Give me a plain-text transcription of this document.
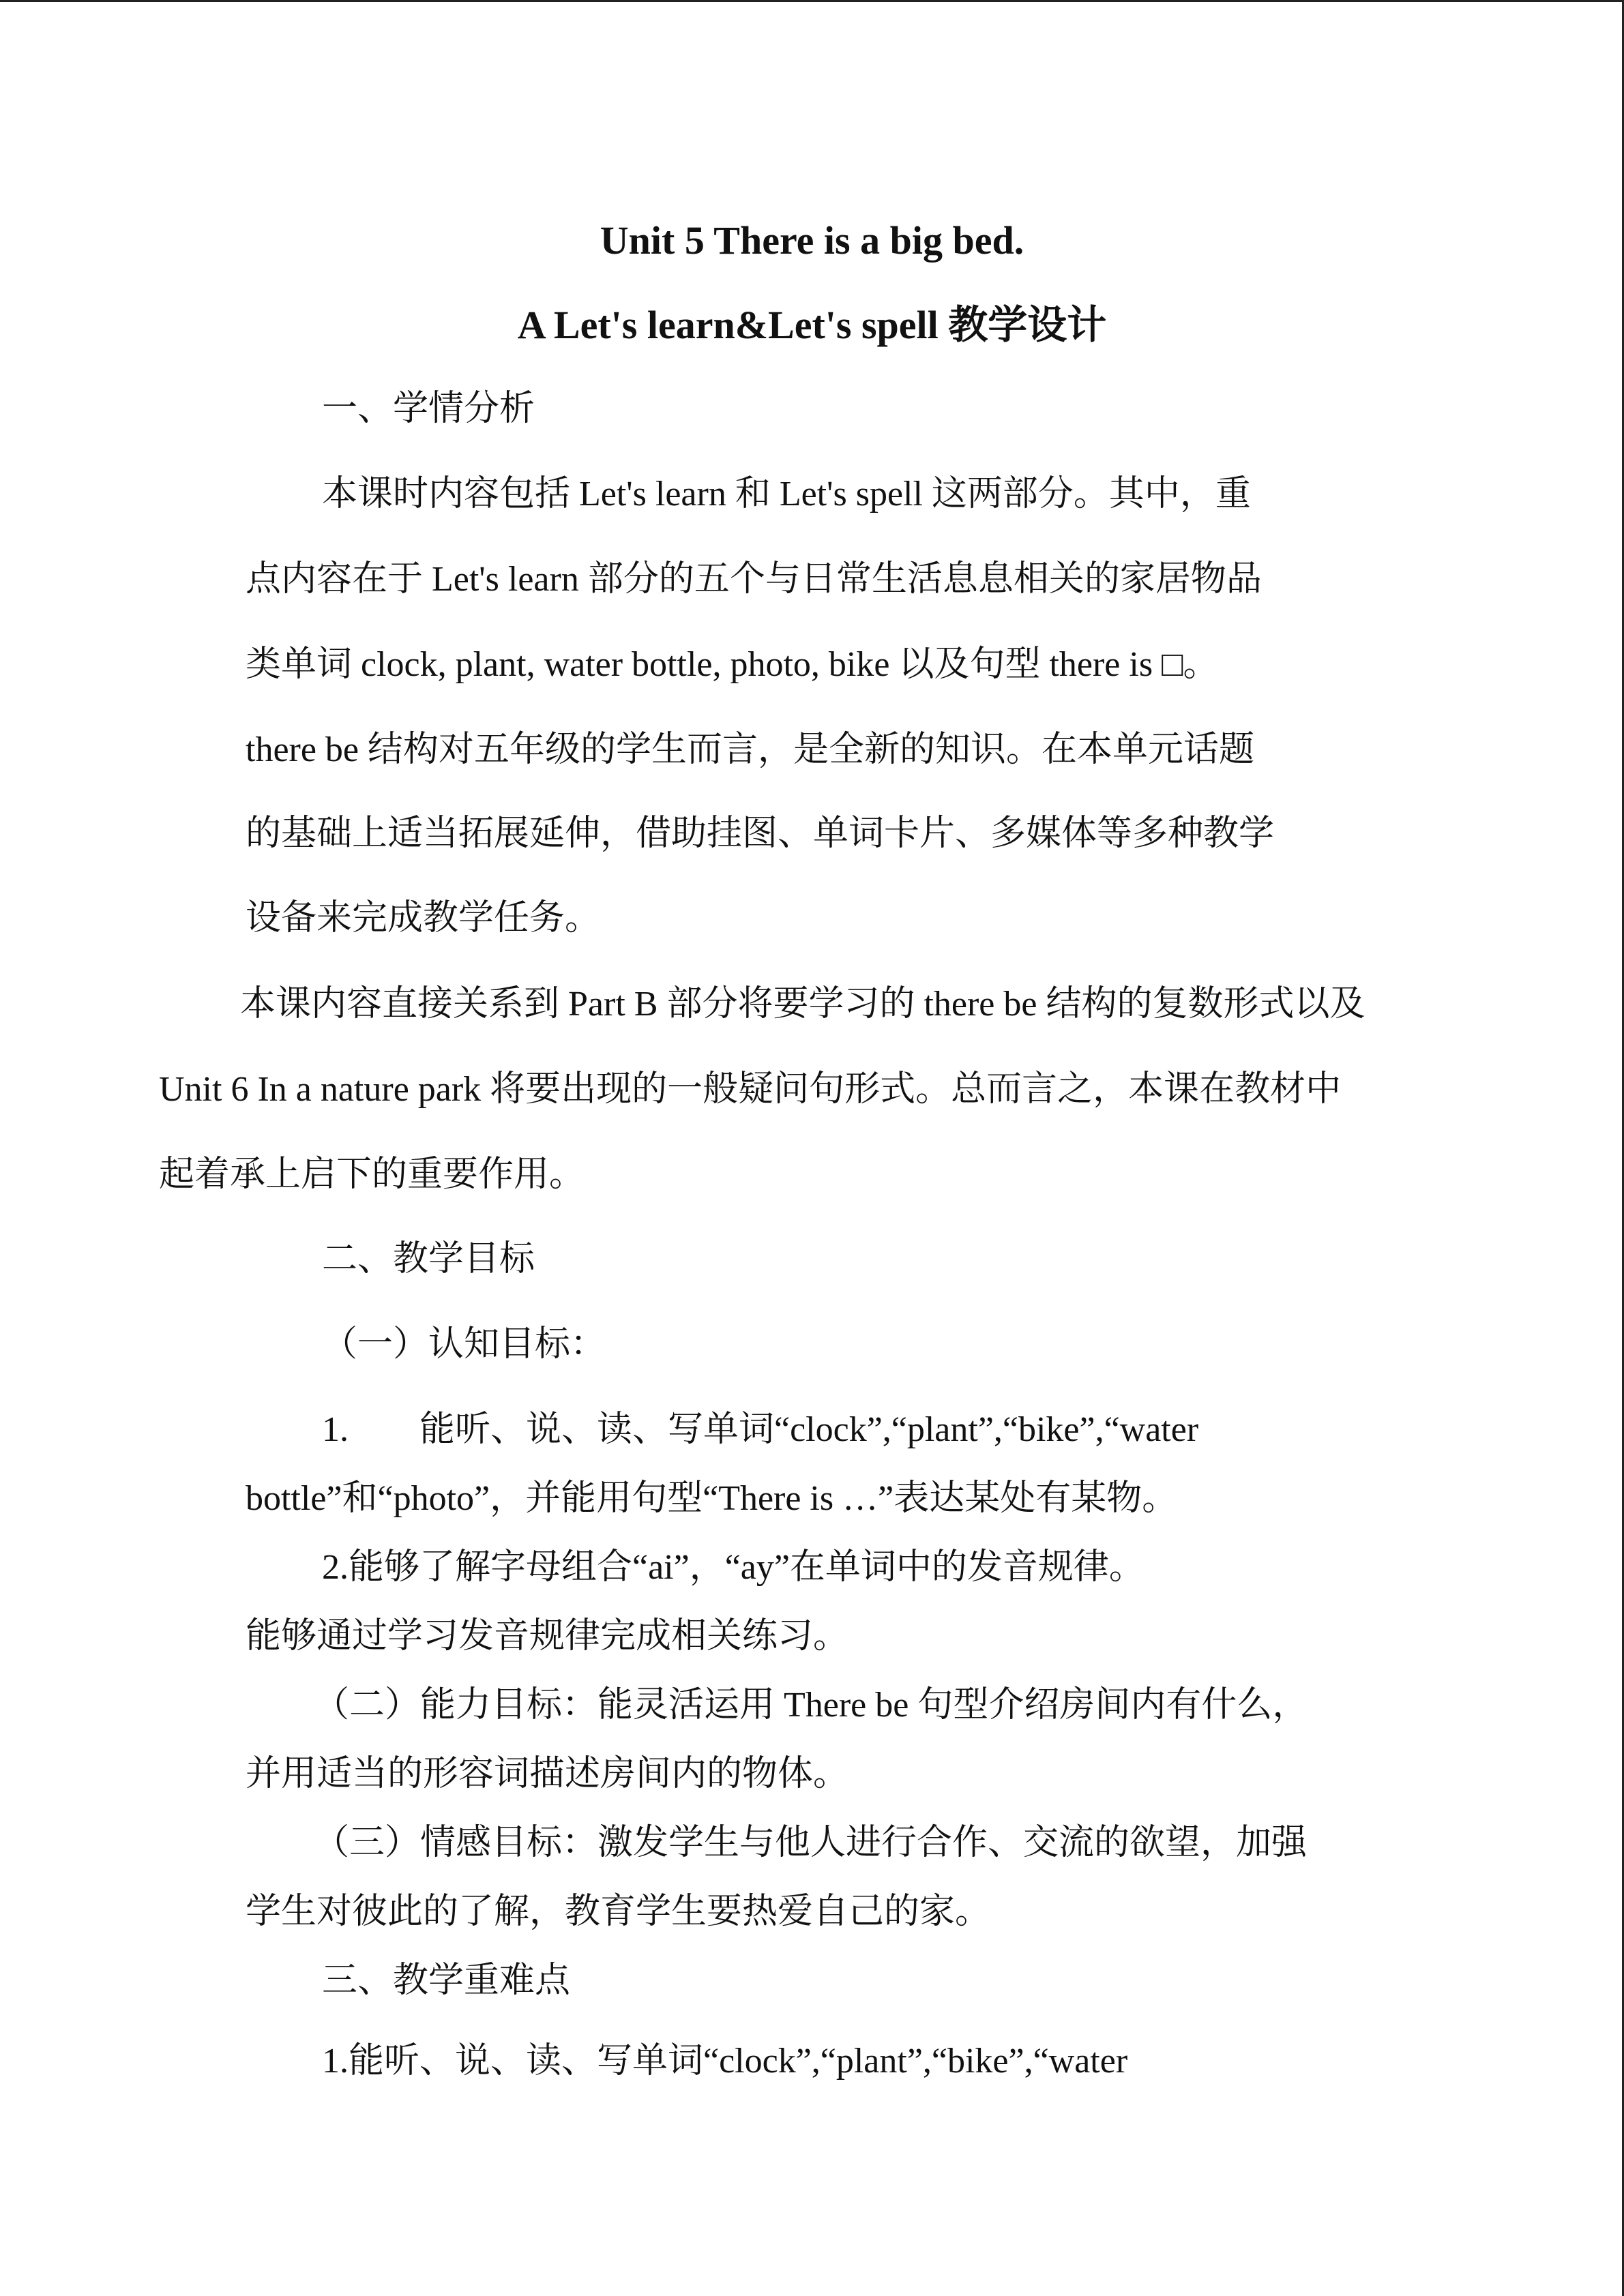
Unit 5 There is a big bed.
A Let's learn&Let's spell 教学设计
一、学情分析
本课时内容包括 Let's learn 和 Let's spell 这两部分。其中，重
点内容在于 Let's learn 部分的五个与日常生活息息相关的家居物品
类单词 clock, plant, water bottle, photo, bike 以及句型 there is □。
there be 结构对五年级的学生而言，是全新的知识。在本单元话题
的基础上适当拓展延伸，借助挂图、单词卡片、多媒体等多种教学
设备来完成教学任务。
本课内容直接关系到 Part B 部分将要学习的 there be 结构的复数形式以及
Unit 6 In a nature park 将要出现的一般疑问句形式。总而言之，本课在教材中
起着承上启下的重要作用。
二、教学目标
（一）认知目标：
1.　　能听、说、读、写单词“clock”,“plant”,“bike”,“water
bottle”和“photo”，并能用句型“There is …”表达某处有某物。
2.能够了解字母组合“ai”，“ay”在单词中的发音规律。
能够通过学习发音规律完成相关练习。
（二）能力目标：能灵活运用 There be 句型介绍房间内有什么，
并用适当的形容词描述房间内的物体。
（三）情感目标：激发学生与他人进行合作、交流的欲望，加强
学生对彼此的了解，教育学生要热爱自己的家。
三、教学重难点
1.能听、说、读、写单词“clock”,“plant”,“bike”,“water
